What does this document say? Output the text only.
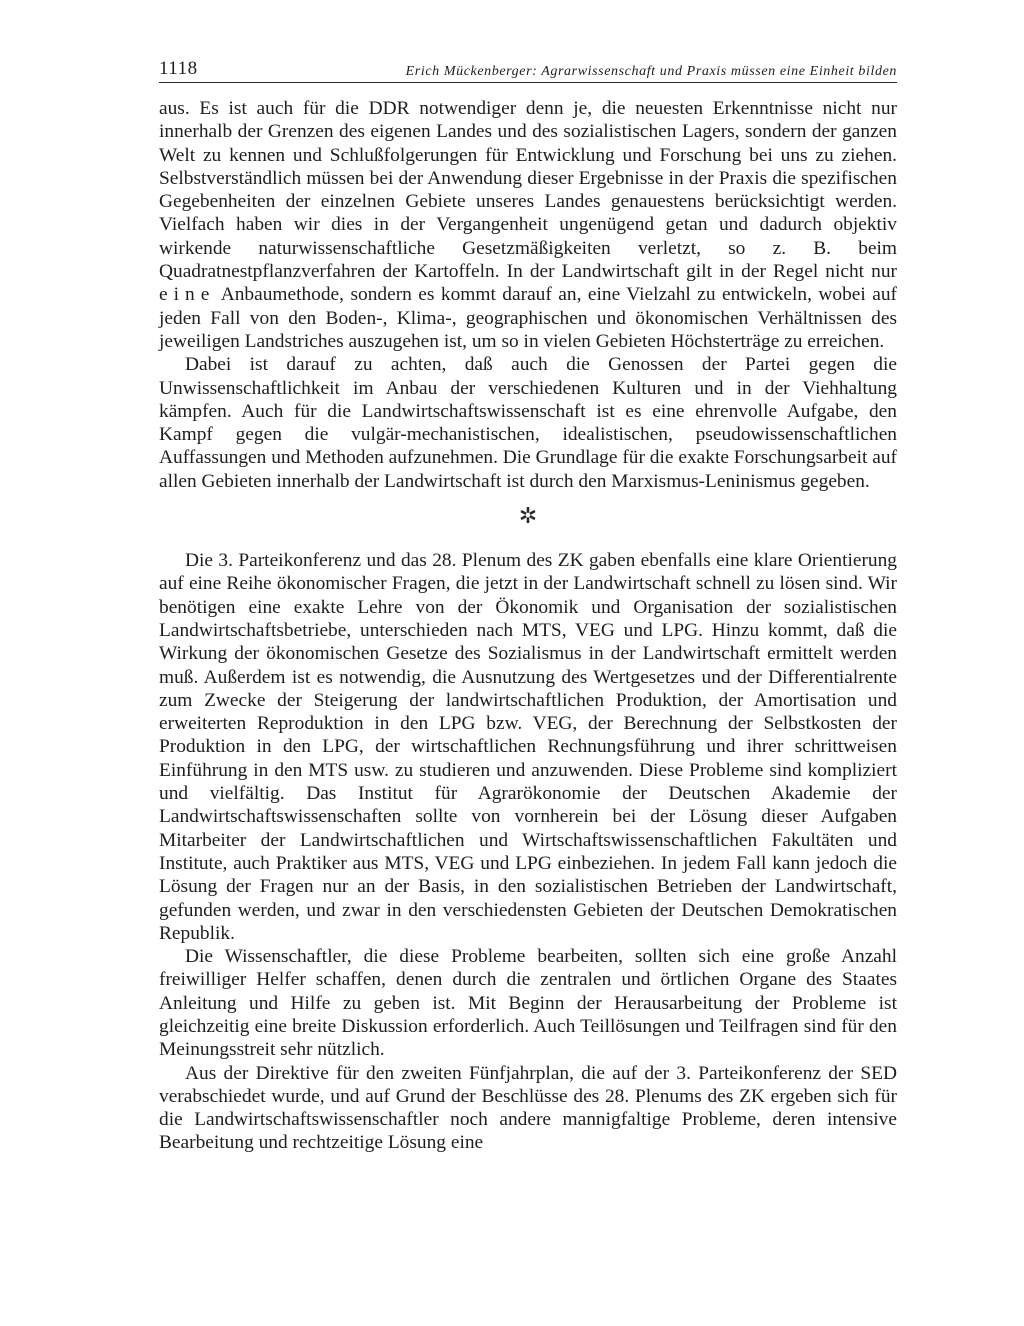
1118	Erich Mückenberger: Agrarwissenschaft und Praxis müssen eine Einheit bilden

aus. Es ist auch für die DDR notwendiger denn je, die neuesten Erkenntnisse nicht nur innerhalb der Grenzen des eigenen Landes und des sozialistischen Lagers, sondern der ganzen Welt zu kennen und Schlußfolgerungen für Entwicklung und Forschung bei uns zu ziehen. Selbstverständlich müssen bei der Anwendung dieser Ergebnisse in der Praxis die spezifischen Gegebenheiten der einzelnen Gebiete unseres Landes genauestens berücksichtigt werden. Vielfach haben wir dies in der Vergangenheit ungenügend getan und dadurch objektiv wirkende naturwissenschaftliche Gesetzmäßigkeiten verletzt, so z. B. beim Quadratnestpflanzverfahren der Kartoffeln. In der Landwirtschaft gilt in der Regel nicht nur eine Anbaumethode, sondern es kommt darauf an, eine Vielzahl zu entwickeln, wobei auf jeden Fall von den Boden-, Klima-, geographischen und ökonomischen Verhältnissen des jeweiligen Landstriches auszugehen ist, um so in vielen Gebieten Höchsterträge zu erreichen.

Dabei ist darauf zu achten, daß auch die Genossen der Partei gegen die Unwissenschaftlichkeit im Anbau der verschiedenen Kulturen und in der Viehhaltung kämpfen. Auch für die Landwirtschaftswissenschaft ist es eine ehrenvolle Aufgabe, den Kampf gegen die vulgär-mechanistischen, idealistischen, pseudowissenschaftlichen Auffassungen und Methoden aufzunehmen. Die Grundlage für die exakte Forschungsarbeit auf allen Gebieten innerhalb der Landwirtschaft ist durch den Marxismus-Leninismus gegeben.

✲

Die 3. Parteikonferenz und das 28. Plenum des ZK gaben ebenfalls eine klare Orientierung auf eine Reihe ökonomischer Fragen, die jetzt in der Landwirtschaft schnell zu lösen sind. Wir benötigen eine exakte Lehre von der Ökonomik und Organisation der sozialistischen Landwirtschaftsbetriebe, unterschieden nach MTS, VEG und LPG. Hinzu kommt, daß die Wirkung der ökonomischen Gesetze des Sozialismus in der Landwirtschaft ermittelt werden muß. Außerdem ist es notwendig, die Ausnutzung des Wertgesetzes und der Differentialrente zum Zwecke der Steigerung der landwirtschaftlichen Produktion, der Amortisation und erweiterten Reproduktion in den LPG bzw. VEG, der Berechnung der Selbstkosten der Produktion in den LPG, der wirtschaftlichen Rechnungsführung und ihrer schrittweisen Einführung in den MTS usw. zu studieren und anzuwenden. Diese Probleme sind kompliziert und vielfältig. Das Institut für Agrarökonomie der Deutschen Akademie der Landwirtschaftswissenschaften sollte von vornherein bei der Lösung dieser Aufgaben Mitarbeiter der Landwirtschaftlichen und Wirtschaftswissenschaftlichen Fakultäten und Institute, auch Praktiker aus MTS, VEG und LPG einbeziehen. In jedem Fall kann jedoch die Lösung der Fragen nur an der Basis, in den sozialistischen Betrieben der Landwirtschaft, gefunden werden, und zwar in den verschiedensten Gebieten der Deutschen Demokratischen Republik.

Die Wissenschaftler, die diese Probleme bearbeiten, sollten sich eine große Anzahl freiwilliger Helfer schaffen, denen durch die zentralen und örtlichen Organe des Staates Anleitung und Hilfe zu geben ist. Mit Beginn der Herausarbeitung der Probleme ist gleichzeitig eine breite Diskussion erforderlich. Auch Teillösungen und Teilfragen sind für den Meinungsstreit sehr nützlich.

Aus der Direktive für den zweiten Fünfjahrplan, die auf der 3. Parteikonferenz der SED verabschiedet wurde, und auf Grund der Beschlüsse des 28. Plenums des ZK ergeben sich für die Landwirtschaftswissenschaftler noch andere mannigfaltige Probleme, deren intensive Bearbeitung und rechtzeitige Lösung eine
